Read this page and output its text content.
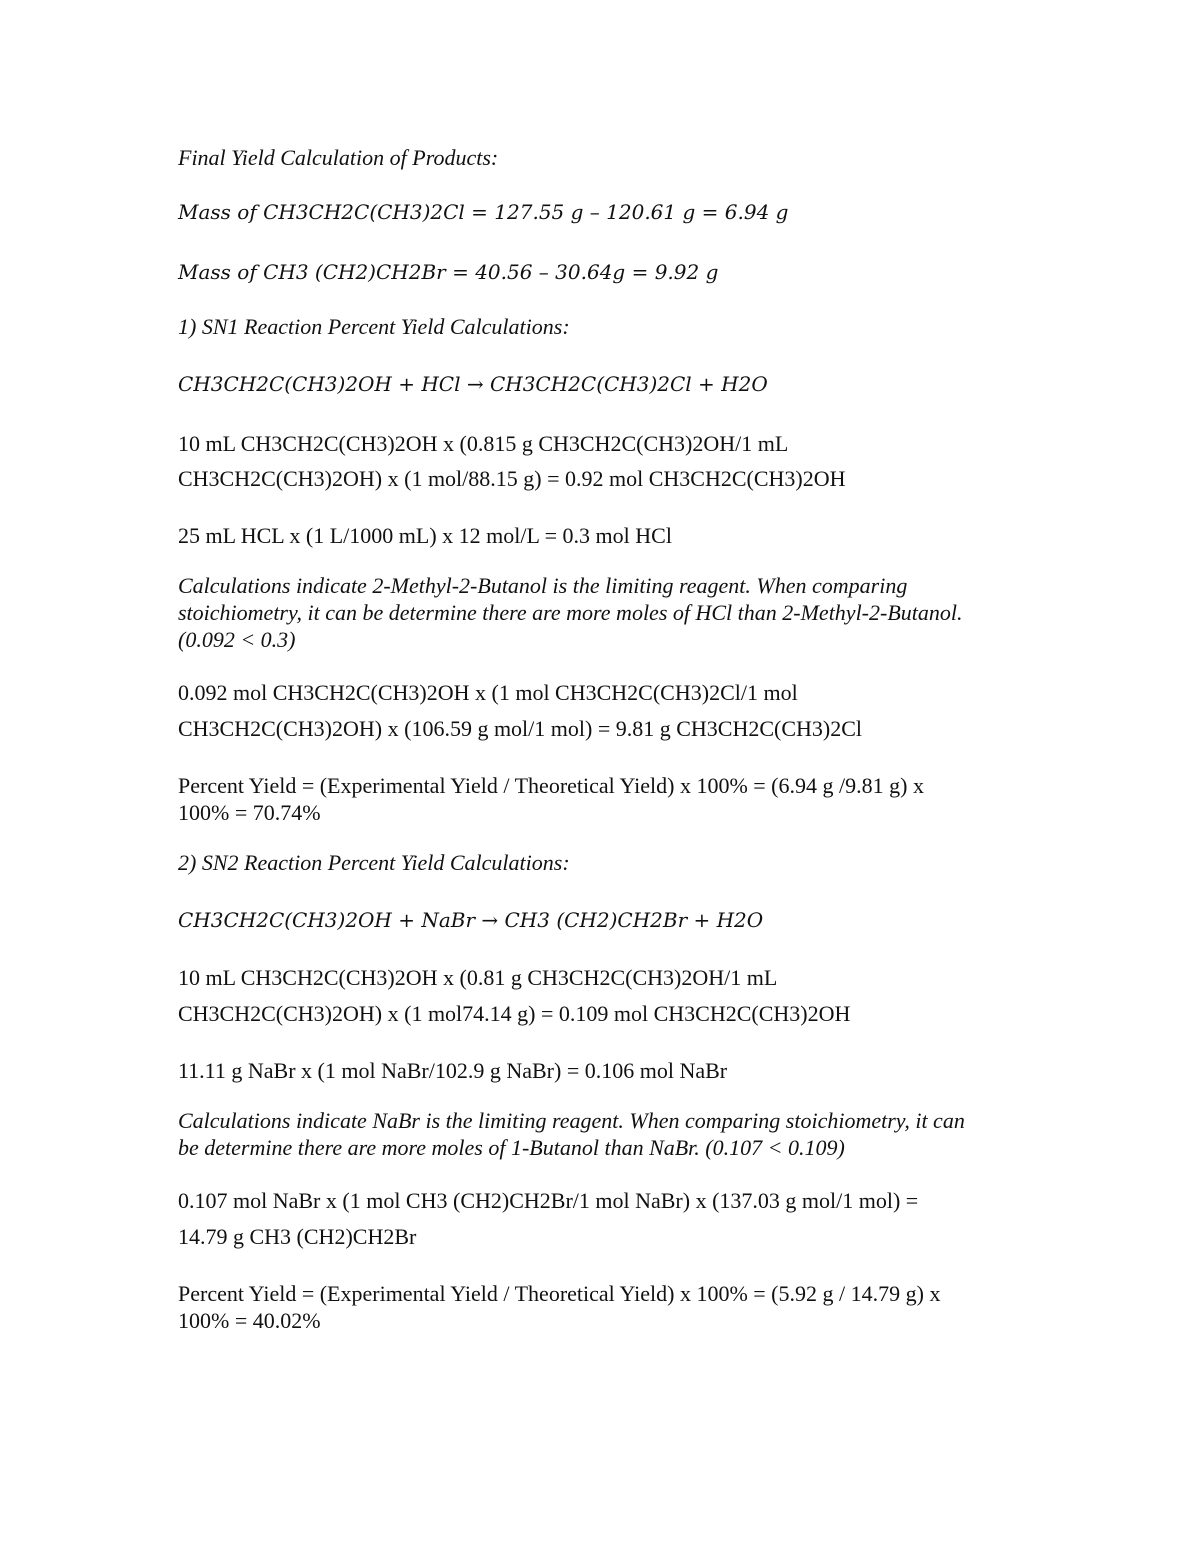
Final Yield Calculation of Products:
Mass of CH3CH2C(CH3)2Cl = 127.55 g – 120.61 g = 6.94 g
Mass of CH3 (CH2)CH2Br = 40.56 – 30.64g = 9.92 g
1) SN1 Reaction Percent Yield Calculations:
CH3CH2C(CH3)2OH + HCl → CH3CH2C(CH3)2Cl + H2O
10 mL CH3CH2C(CH3)2OH x (0.815 g CH3CH2C(CH3)2OH/1 mL
CH3CH2C(CH3)2OH) x (1 mol/88.15 g) = 0.92 mol CH3CH2C(CH3)2OH
25 mL HCL x (1 L/1000 mL) x 12 mol/L = 0.3 mol HCl
Calculations indicate 2-Methyl-2-Butanol is the limiting reagent. When comparing
stoichiometry, it can be determine there are more moles of HCl than 2-Methyl-2-Butanol.
(0.092 < 0.3)
0.092 mol CH3CH2C(CH3)2OH x (1 mol CH3CH2C(CH3)2Cl/1 mol
CH3CH2C(CH3)2OH) x (106.59 g mol/1 mol) = 9.81 g CH3CH2C(CH3)2Cl
Percent Yield = (Experimental Yield / Theoretical Yield) x 100% = (6.94 g /9.81 g) x
100% = 70.74%
2) SN2 Reaction Percent Yield Calculations:
CH3CH2C(CH3)2OH + NaBr → CH3 (CH2)CH2Br + H2O
10 mL CH3CH2C(CH3)2OH x (0.81 g CH3CH2C(CH3)2OH/1 mL
CH3CH2C(CH3)2OH) x (1 mol74.14 g) = 0.109 mol CH3CH2C(CH3)2OH
11.11 g NaBr x (1 mol NaBr/102.9 g NaBr) = 0.106 mol NaBr
Calculations indicate NaBr is the limiting reagent. When comparing stoichiometry, it can
be determine there are more moles of 1-Butanol than NaBr. (0.107 < 0.109)
0.107 mol NaBr x (1 mol CH3 (CH2)CH2Br/1 mol NaBr) x (137.03 g mol/1 mol) =
14.79 g CH3 (CH2)CH2Br
Percent Yield = (Experimental Yield / Theoretical Yield) x 100% = (5.92 g / 14.79 g) x
100% = 40.02%
